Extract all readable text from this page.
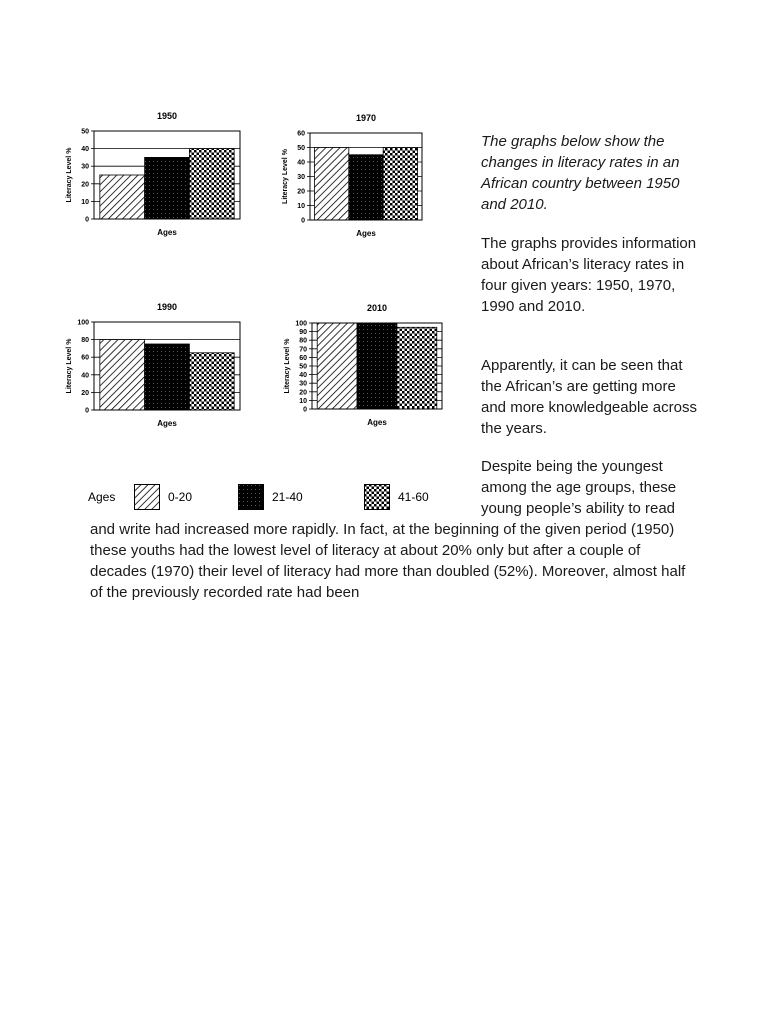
1950
0
10
20
30
40
50
Literacy Level %
Ages
1970
0
10
20
30
40
50
60
Literacy Level %
Ages
1990
0
20
40
60
80
100
Literacy Level %
Ages
2010
0
10
20
30
40
50
60
70
80
90
100
Literacy Level %
Ages
The graphs below show the changes in literacy rates in an African country between 1950 and 2010.
The graphs provides information about African’s literacy rates in four given years: 1950, 1970, 1990 and 2010.
Apparently, it can be seen that the African’s are getting more and more knowledgeable across the years.
Despite being the youngest among the age groups, these young people’s ability to read
and write had increased more rapidly. In fact, at the beginning of the given period (1950) these youths had the lowest level of literacy at about 20% only but after a couple of decades (1970) their level of literacy had more than doubled (52%). Moreover, almost half of the previously recorded rate had been
Ages	0-20	21-40	41-60
